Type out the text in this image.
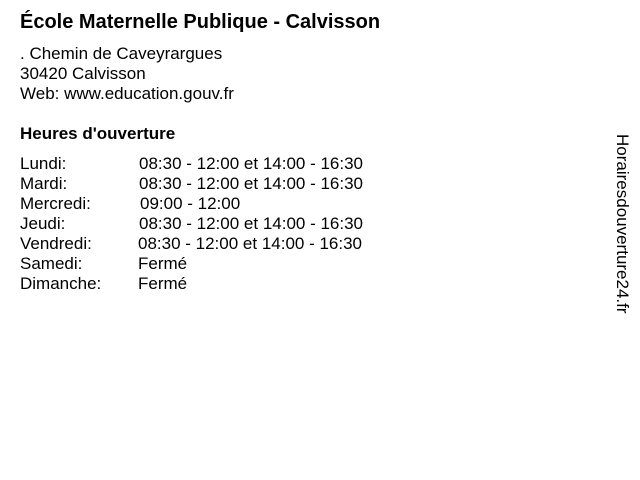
École Maternelle Publique - Calvisson
. Chemin de Caveyrargues
30420 Calvisson
Web: www.education.gouv.fr
Heures d'ouverture
Lundi:	08:30 - 12:00 et 14:00 - 16:30
Mardi:	08:30 - 12:00 et 14:00 - 16:30
Mercredi:	09:00 - 12:00
Jeudi:	08:30 - 12:00 et 14:00 - 16:30
Vendredi:	08:30 - 12:00 et 14:00 - 16:30
Samedi:	Fermé
Dimanche: Fermé	Horairesdouverture24.fr
